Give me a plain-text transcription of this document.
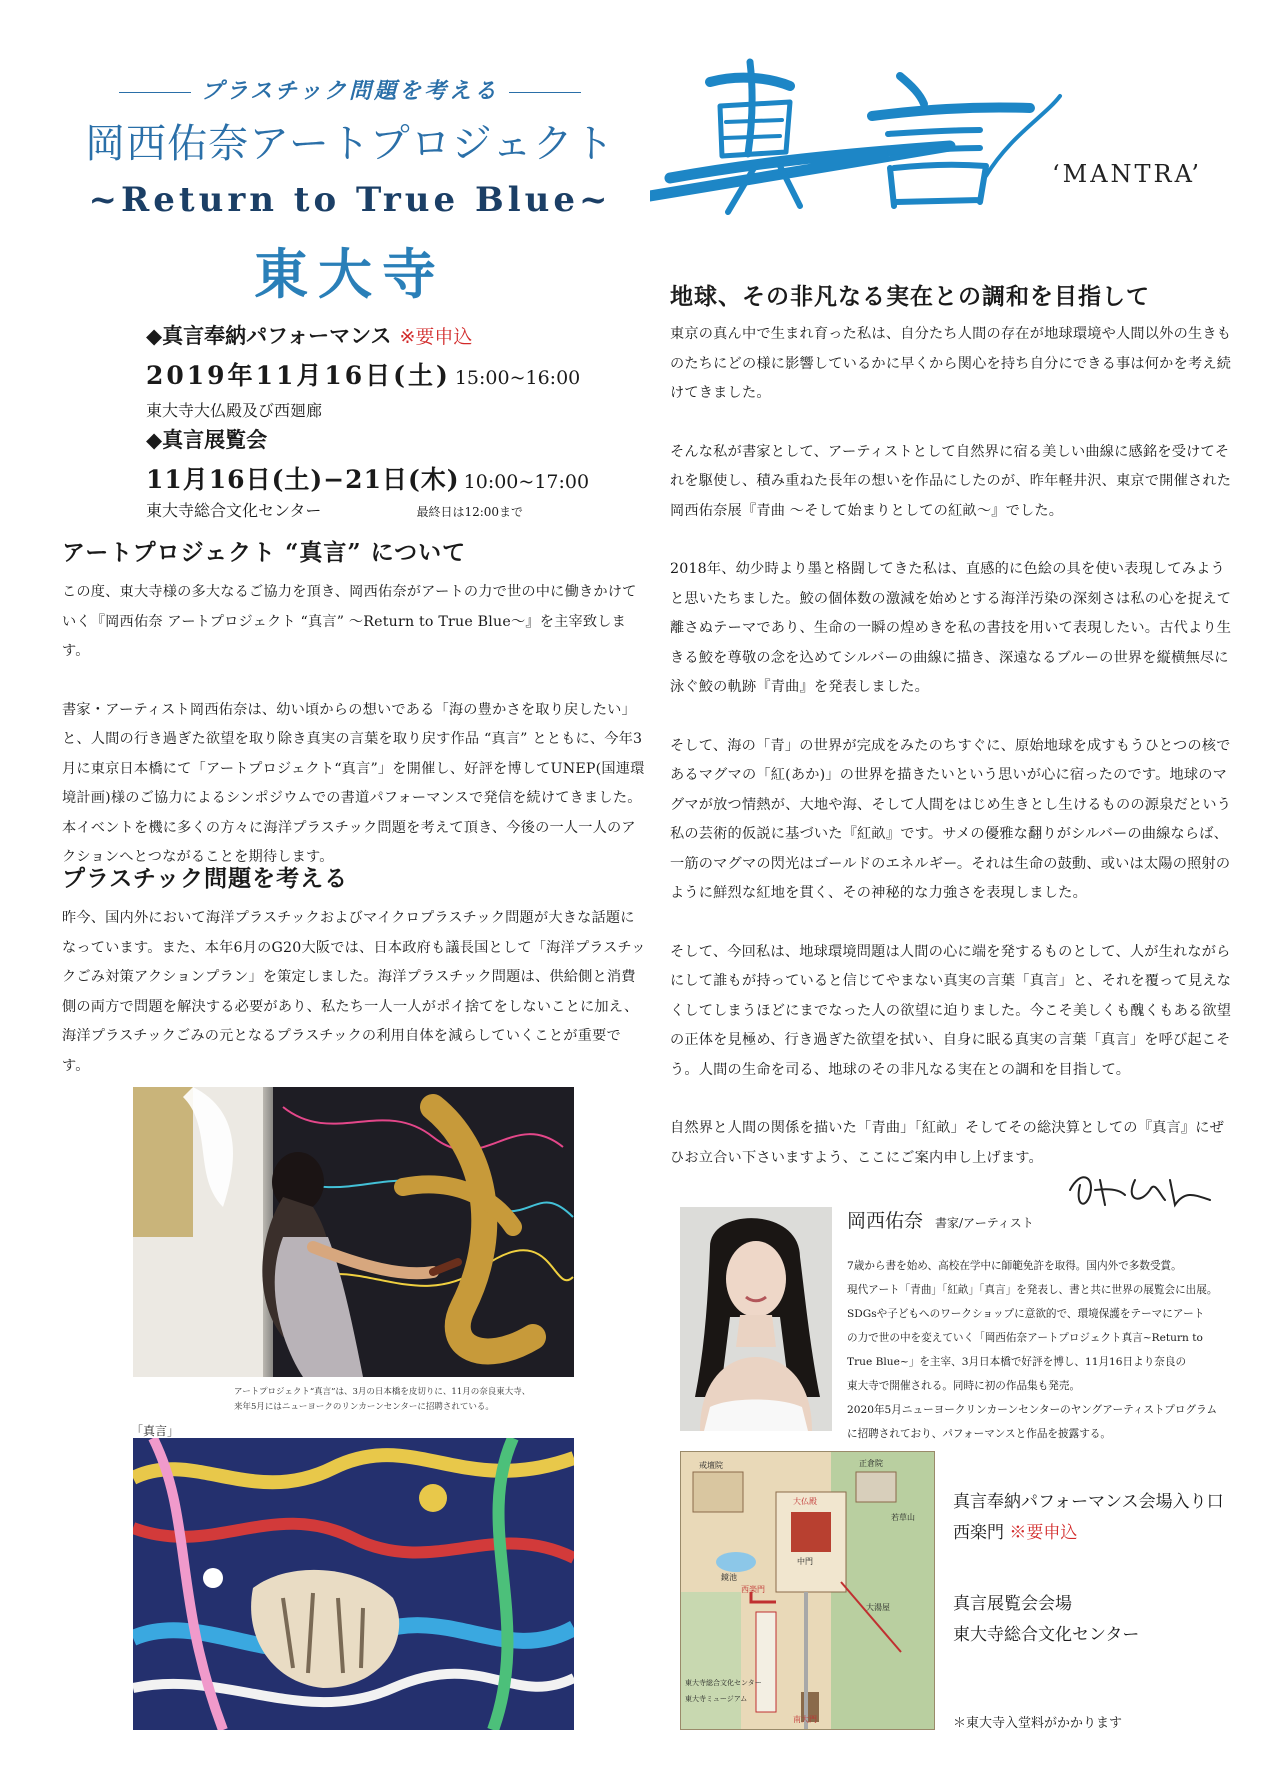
プラスチック問題を考える
岡西佑奈アートプロジェクト
~Return to True Blue~
東大寺
‘MANTRA’
◆真言奉納パフォーマンス ※要申込
2019年11月16日(土) 15:00~16:00
東大寺大仏殿及び西廻廊
◆真言展覧会
11月16日(土)−21日(木) 10:00~17:00
東大寺総合文化センター	最終日は12:00まで
アートプロジェクト “真言” について

この度、東大寺様の多大なるご協力を頂き、岡西佑奈がアートの力で世の中に働きかけていく『岡西佑奈 アートプロジェクト “真言” ～Return to True Blue～』を主宰致します。

書家・アーティスト岡西佑奈は、幼い頃からの想いである「海の豊かさを取り戻したい」と、人間の行き過ぎた欲望を取り除き真実の言葉を取り戻す作品 “真言” とともに、今年3月に東京日本橋にて「アートプロジェクト“真言”」を開催し、好評を博してUNEP(国連環境計画)様のご協力によるシンポジウムでの書道パフォーマンスで発信を続けてきました。本イベントを機に多くの方々に海洋プラスチック問題を考えて頂き、今後の一人一人のアクションへとつながることを期待します。

プラスチック問題を考える

昨今、国内外において海洋プラスチックおよびマイクロプラスチック問題が大きな話題になっています。また、本年6月のG20大阪では、日本政府も議長国として「海洋プラスチックごみ対策アクションプラン」を策定しました。海洋プラスチック問題は、供給側と消費側の両方で問題を解決する必要があり、私たち一人一人がポイ捨てをしないことに加え、海洋プラスチックごみの元となるプラスチックの利用自体を減らしていくことが重要です。

アートプロジェクト“真言”は、3月の日本橋を皮切りに、11月の奈良東大寺、
来年5月にはニューヨークのリンカーンセンターに招聘されている。
「真言」
地球、その非凡なる実在との調和を目指して

東京の真ん中で生まれ育った私は、自分たち人間の存在が地球環境や人間以外の生きものたちにどの様に影響しているかに早くから関心を持ち自分にできる事は何かを考え続けてきました。

そんな私が書家として、アーティストとして自然界に宿る美しい曲線に感銘を受けてそれを駆使し、積み重ねた長年の想いを作品にしたのが、昨年軽井沢、東京で開催された岡西佑奈展『青曲 ～そして始まりとしての紅畝～』でした。

2018年、幼少時より墨と格闘してきた私は、直感的に色絵の具を使い表現してみようと思いたちました。鮫の個体数の激減を始めとする海洋汚染の深刻さは私の心を捉えて離さぬテーマであり、生命の一瞬の煌めきを私の書技を用いて表現したい。古代より生きる鮫を尊敬の念を込めてシルバーの曲線に描き、深遠なるブルーの世界を縦横無尽に泳ぐ鮫の軌跡『青曲』を発表しました。

そして、海の「青」の世界が完成をみたのちすぐに、原始地球を成すもうひとつの核であるマグマの「紅(あか)」の世界を描きたいという思いが心に宿ったのです。地球のマグマが放つ情熱が、大地や海、そして人間をはじめ生きとし生けるものの源泉だという私の芸術的仮説に基づいた『紅畝』です。サメの優雅な翻りがシルバーの曲線ならば、一筋のマグマの閃光はゴールドのエネルギー。それは生命の鼓動、或いは太陽の照射のように鮮烈な紅地を貫く、その神秘的な力強さを表現しました。

そして、今回私は、地球環境問題は人間の心に端を発するものとして、人が生れながらにして誰もが持っていると信じてやまない真実の言葉「真言」と、それを覆って見えなくしてしまうほどにまでなった人の欲望に迫りました。今こそ美しくも醜くもある欲望の正体を見極め、行き過ぎた欲望を拭い、自身に眠る真実の言葉「真言」を呼び起こそう。人間の生命を司る、地球のその非凡なる実在との調和を目指して。

自然界と人間の関係を描いた「青曲」「紅畝」そしてその総決算としての『真言』にぜひお立合い下さいますよう、ここにご案内申し上げます。

岡西佑奈 書家/アーティスト
7歳から書を始め、高校在学中に師範免許を取得。国内外で多数受賞。
現代アート「青曲」「紅畝」「真言」を発表し、書と共に世界の展覧会に出展。
SDGsや子どもへのワークショップに意欲的で、環境保護をテーマにアート
の力で世の中を変えていく「岡西佑奈アートプロジェクト真言~Return to
True Blue~」を主宰、3月日本橋で好評を博し、11月16日より奈良の
東大寺で開催される。同時に初の作品集も発売。
2020年5月ニューヨークリンカーンセンターのヤングアーティストプログラム
に招聘されており、パフォーマンスと作品を披露する。
大仏殿
西楽門
南大門
東大寺総合文化センター
正倉院
中門
戒壇院
東大寺ミュージアム
大湯屋
若草山
鏡池
真言奉納パフォーマンス会場入り口
西楽門 ※要申込
真言展覧会会場
東大寺総合文化センター
＊東大寺入堂料がかかります
